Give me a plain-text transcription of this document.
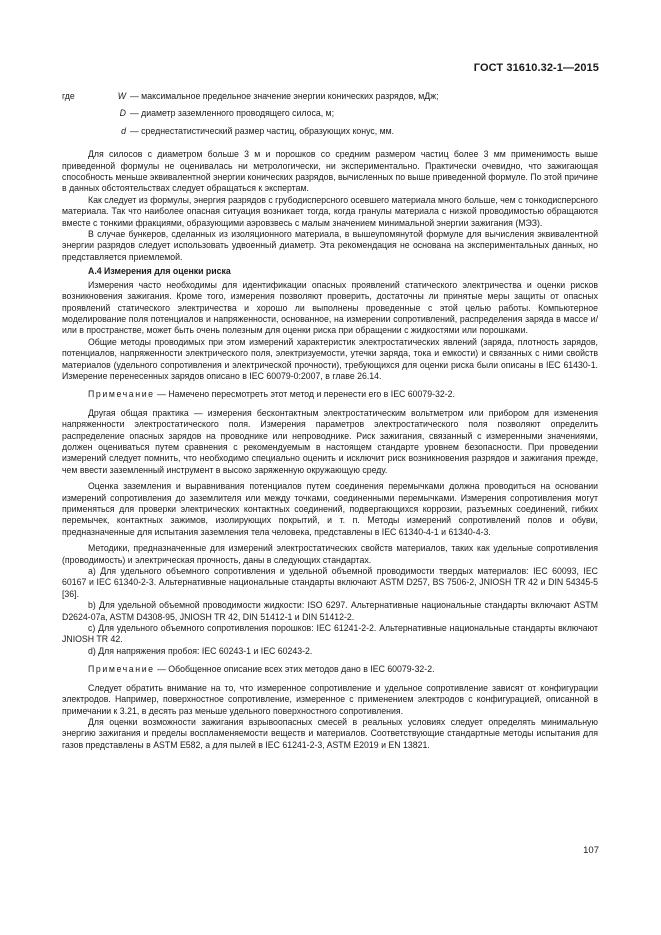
ГОСТ 31610.32-1—2015
где	W — максимальное предельное значение энергии конических разрядов, мДж;
D — диаметр заземленного проводящего силоса, м;
d — среднестатистический размер частиц, образующих конус, мм.

Для силосов с диаметром больше 3 м и порошков со средним размером частиц более 3 мм применимость выше приведенной формулы не оценивалась ни метрологически, ни экспериментально. Практически очевидно, что зажигающая способность меньше эквивалентной энергии конических разрядов, вычисленных по выше приведенной формуле. По этой причине в данных обстоятельствах следует обращаться к экспертам.

Как следует из формулы, энергия разрядов с грубодисперсного осевшего материала много больше, чем с тонкодисперсного материала. Так что наиболее опасная ситуация возникает тогда, когда гранулы материала с низкой проводимостью обращаются вместе с тонкими фракциями, образующими аэровзвесь с малым значением минимальной энергии зажигания (МЭЗ).

В случае бункеров, сделанных из изоляционного материала, в вышеупомянутой формуле для вычисления эквивалентной энергии разрядов следует использовать удвоенный диаметр. Эта рекомендация не основана на экспериментальных данных, но представляется приемлемой.

А.4 Измерения для оценки риска

Измерения часто необходимы для идентификации опасных проявлений статического электричества и оценки рисков возникновения зажигания. Кроме того, измерения позволяют проверить, достаточны ли принятые меры защиты от опасных проявлений статического электричества и хорошо ли выполнены проведенные с этой целью работы. Компьютерное моделирование поля потенциалов и напряженности, основанное, на измерении сопротивлений, распределения заряда в массе и/или в пространстве, может быть очень полезным для оценки риска при обращении с жидкостями или порошками.

Общие методы проводимых при этом измерений характеристик электростатических явлений (заряда, плотность зарядов, потенциалов, напряженности электрического поля, электризуемости, утечки заряда, тока и емкости) и связанных с ними свойств материалов (удельного сопротивления и электрической прочности), требующихся для оценки риска были описаны в IEC 61430-1. Измерение перенесенных зарядов описано в IEC 60079-0:2007, в главе 26.14.

Примечание — Намечено пересмотреть этот метод и перенести его в IEC 60079-32-2.

Другая общая практика — измерения бесконтактным электростатическим вольтметром или прибором для изменения напряженности электростатического поля. Измерения параметров электростатического поля позволяют определить распределение опасных зарядов на проводнике или непроводнике. Риск зажигания, связанный с измеренными значениями, должен оцениваться путем сравнения с рекомендуемым в настоящем стандарте уровнем безопасности. При проведении измерений следует помнить, что необходимо специально оценить и исключит риск возникновения разрядов и зажигания прежде, чем ввести заземленный инструмент в высоко заряженную окружающую среду.

Оценка заземления и выравнивания потенциалов путем соединения перемычками должна проводиться на основании измерений сопротивления до заземлителя или между точками, соединенными перемычками. Измерения сопротивления могут применяться для проверки электрических контактных соединений, подвергающихся коррозии, разъемных соединений, гибких перемычек, контактных зажимов, изолирующих покрытий, и т. п. Методы измерений сопротивлений полов и обуви, предназначенные для испытания заземления тела человека, представлены в IEC 61340-4-1 и 61340-4-3.

Методики, предназначенные для измерений электростатических свойств материалов, таких как удельные сопротивления (проводимость) и электрическая прочность, даны в следующих стандартах.

а) Для удельного объемного сопротивления и удельной объемной проводимости твердых материалов: IEC 60093, IEC 60167 и IEC 61340-2-3. Альтернативные национальные стандарты включают ASTM D257, BS 7506-2, JNIOSH TR 42 и DIN 54345-5 [36].

b) Для удельной объемной проводимости жидкости: ISO 6297. Альтернативные национальные стандарты включают ASTM D2624-07a, ASTM D4308-95, JNIOSH TR 42, DIN 51412-1 и DIN 51412-2.

c) Для удельного объемного сопротивления порошков: IEC 61241-2-2. Альтернативные национальные стандарты включают JNIOSH TR 42.

d) Для напряжения пробоя: IEC 60243-1 и IEC 60243-2.

Примечание — Обобщенное описание всех этих методов дано в IEC 60079-32-2.

Следует обратить внимание на то, что измеренное сопротивление и удельное сопротивление зависят от конфигурации электродов. Например, поверхностное сопротивление, измеренное с применением электродов с конфигурацией, описанной в примечании к 3.21, в десять раз меньше удельного поверхностного сопротивления.

Для оценки возможности зажигания взрывоопасных смесей в реальных условиях следует определять минимальную энергию зажигания и пределы воспламеняемости веществ и материалов. Соответствующие стандартные методы испытания для газов представлены в ASTM E582, а для пылей в IEC 61241-2-3, ASTM E2019 и EN 13821.

107
